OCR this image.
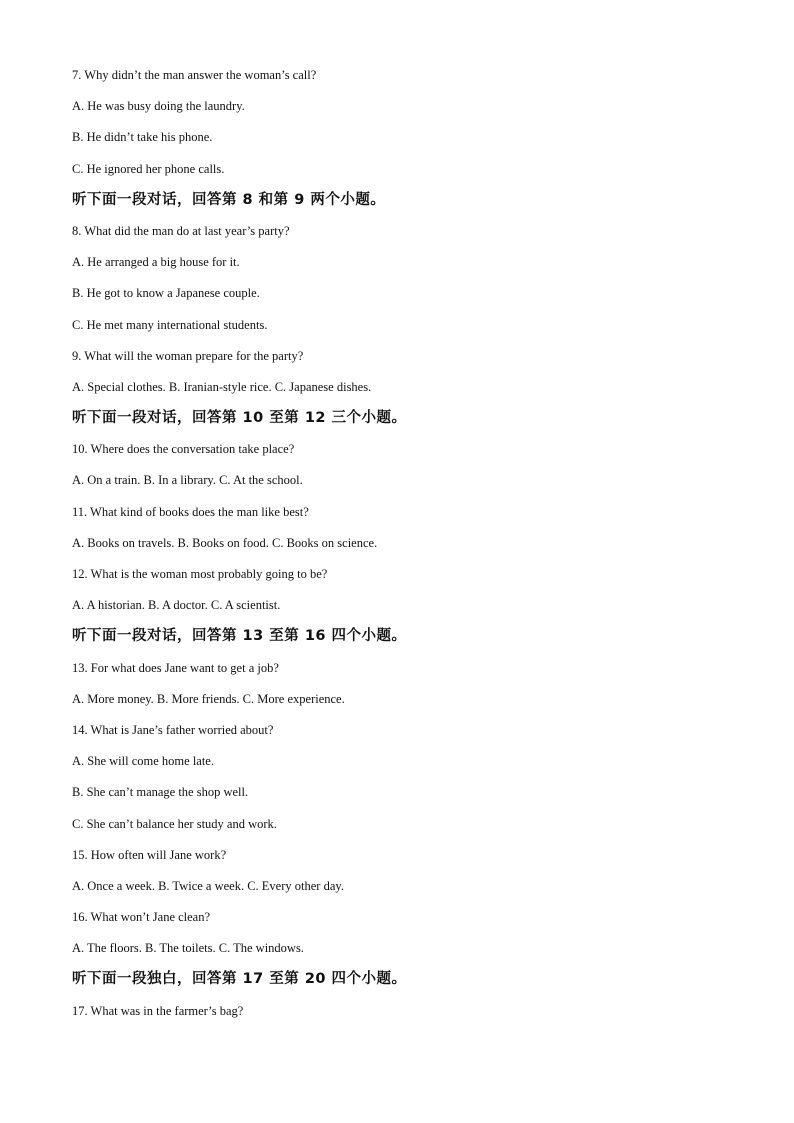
7. Why didn’t the man answer the woman’s call?
A. He was busy doing the laundry.
B. He didn’t take his phone.
C. He ignored her phone calls.
听下面一段对话，回答第 8 和第 9 两个小题。
8. What did the man do at last year’s party?
A. He arranged a big house for it.
B. He got to know a Japanese couple.
C. He met many international students.
9. What will the woman prepare for the party?
A. Special clothes. B. Iranian-style rice. C. Japanese dishes.
听下面一段对话，回答第 10 至第 12 三个小题。
10. Where does the conversation take place?
A. On a train. B. In a library. C. At the school.
11. What kind of books does the man like best?
A. Books on travels. B. Books on food. C. Books on science.
12. What is the woman most probably going to be?
A. A historian. B. A doctor. C. A scientist.
听下面一段对话，回答第 13 至第 16 四个小题。
13. For what does Jane want to get a job?
A. More money. B. More friends. C. More experience.
14. What is Jane’s father worried about?
A. She will come home late.
B. She can’t manage the shop well.
C. She can’t balance her study and work.
15. How often will Jane work?
A. Once a week. B. Twice a week. C. Every other day.
16. What won’t Jane clean?
A. The floors. B. The toilets. C. The windows.
听下面一段独白，回答第 17 至第 20 四个小题。
17. What was in the farmer’s bag?
